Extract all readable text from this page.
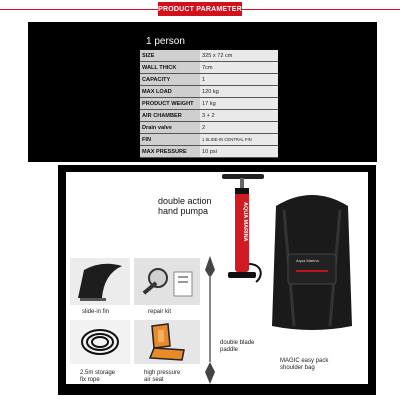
PRODUCT PARAMETER
1 person
SIZE	325 x 72 cm
WALL THICK	7cm
CAPACITY	1
MAX LOAD	120 kg
PRODUCT WEIGHT	17 kg
AIR CHAMBER	3 + 2
Drain valve	2
FIN	1 SLIDE-IN CENTRAL FIN
MAX PRESSURE	10 psi
double action
hand pumpa	AQUA MARINA
Aqua Marina
slide-in fin	repair kit
double blade
paddle
2.5m storage
fix rope
high pressure
air seat
MAGIC easy pack
shoulder bag
